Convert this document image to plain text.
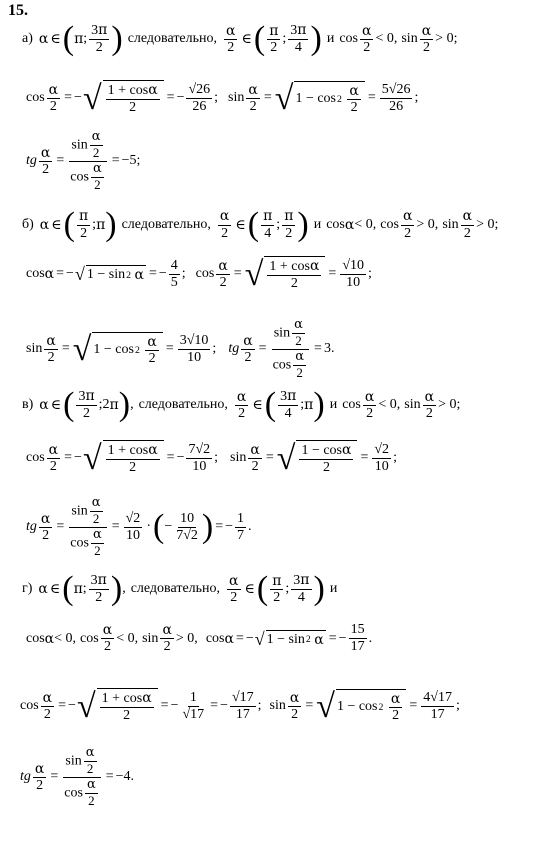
15.
а) α ∈ ( π ;
3π
2 ) следовательно,
α
2
∈ ( π
2
;
3π
4 ) и cos
α
2
< 0, sin
α
2
> 0;
$\cos \frac{\alpha}{2}$ = − √ 1 + cosα
2
= − $\frac{√26}{26}$ ; $\sin \frac{\alpha}{2}$ = √ 1 − cos 2

α
2
= $\frac{5√26}{26}$ ;
tg $\frac{\alpha}{2} = \frac{\sin \frac{\alpha}{2}}{\cos \frac{\alpha}{2}} = -5$;
б) α ∈ ( π
2
; π ) следовательно,
α
2
∈ ( π
4
;
π
2 ) и cos α < 0, cos
α
2
> 0, sin
α
2
> 0;
cos α = − √ 1 − sin 2
α = − $\frac{4}{5}$ ; $\cos \frac{\alpha}{2}$ = √ 1 + cosα
2
= $\frac{√10}{10}$ ;
$\sin \frac{\alpha}{2}$ = √ 1 − cos 2

α
2
= $\frac{3√10}{10}$ ; tg $\frac{\alpha}{2} = \frac{\sin \frac{\alpha}{2}}{\cos \frac{\alpha}{2}} = 3$.
в) α ∈ ( 3π
2
; 2 π ) , следовательно,
α
2
∈ ( 3π
4
; π ) и cos
α
2
< 0, sin
α
2
> 0;
$\cos \frac{\alpha}{2}$ = − √ 1 + cosα
2
= − $\frac{7√2}{10}$ ; $\sin \frac{\alpha}{2}$ = √ 1 − cosα
2
= $\frac{√2}{10}$ ;
tg $\frac{\alpha}{2} = \frac{\sin \frac{\alpha}{2}}{\cos \frac{\alpha}{2}} = \frac{√2}{10}$ · ( − $\frac{10}{7√2}$ ) = − $\frac{1}{7}$ .
г) α ∈ ( π ;
3π
2 ) , следовательно,
α
2
∈ ( π
2
;
3π
4 ) и
cos α < 0, cos
α
2
< 0, sin
α
2
> 0, cos α = − √ 1 − sin 2
α = − $\frac{15}{17}$ .
$\cos \frac{\alpha}{2}$ = − √ 1 + cosα
2
= − $\frac{1}{√17}$ = − $\frac{√17}{17}$ ; $\sin \frac{\alpha}{2}$ = √ 1 − cos 2

α
2
= $\frac{4√17}{17}$ ;
tg $\frac{\alpha}{2} = \frac{\sin \frac{\alpha}{2}}{\cos \frac{\alpha}{2}} = -4$.
